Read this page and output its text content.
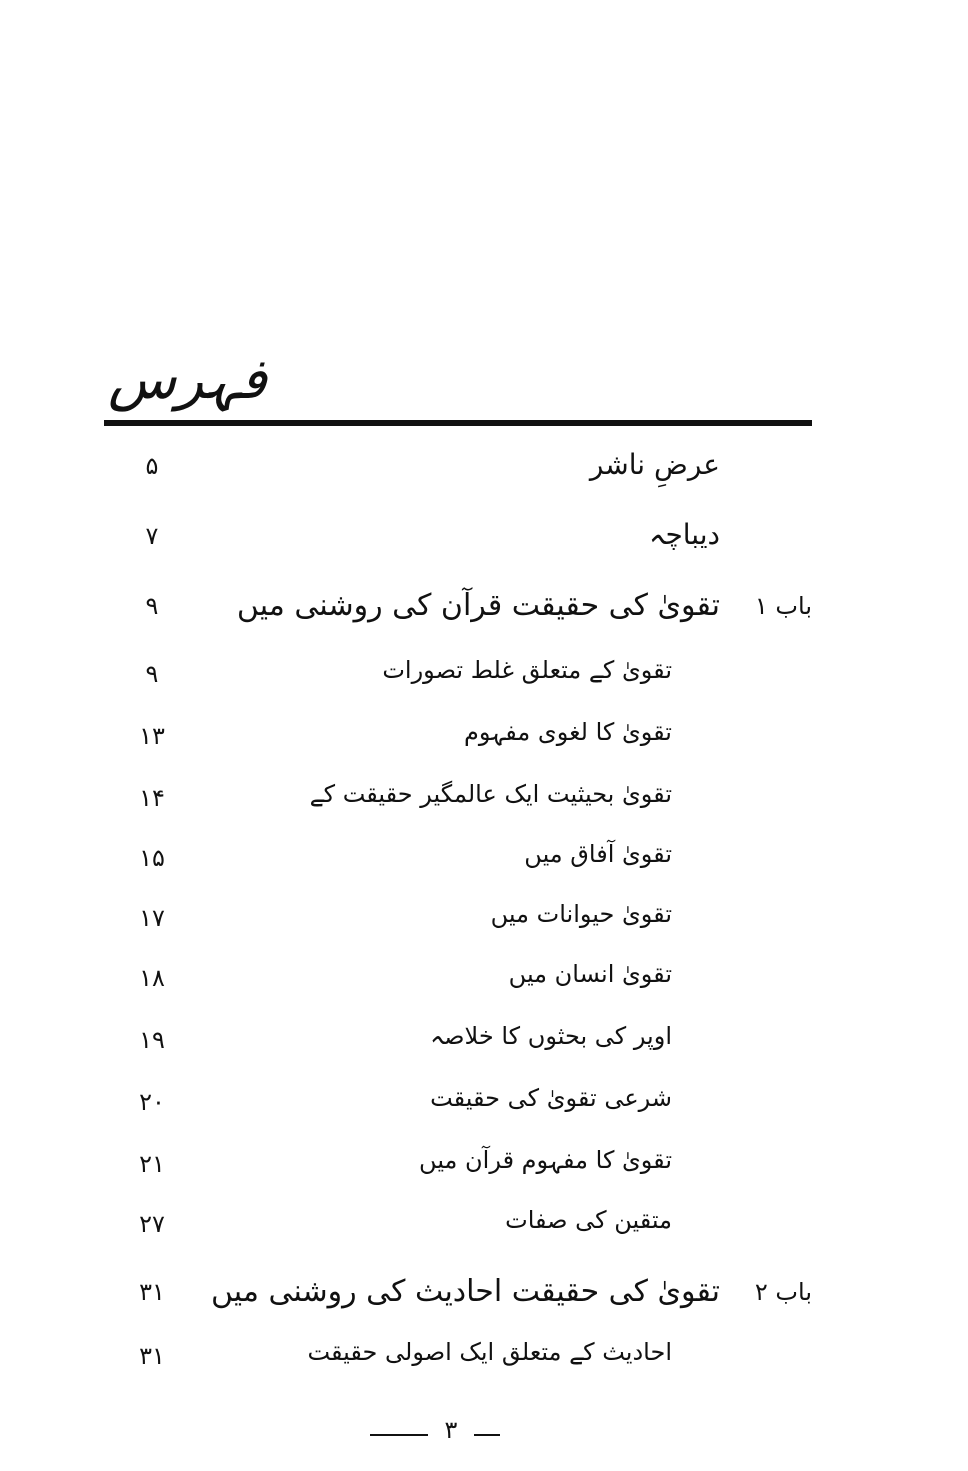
فہرس
عرضِ ناشر
۵
دیباچہ
۷
باب ۱
تقویٰ کی حقیقت قرآن کی روشنی میں
۹
تقویٰ کے متعلق غلط تصورات
۹
تقویٰ کا لغوی مفہوم
۱۳
تقویٰ بحیثیت ایک عالمگیر حقیقت کے
۱۴
تقویٰ آفاق میں
۱۵
تقویٰ حیوانات میں
۱۷
تقویٰ انسان میں
۱۸
اوپر کی بحثوں کا خلاصہ
۱۹
شرعی تقویٰ کی حقیقت
۲۰
تقویٰ کا مفہوم قرآن میں
۲۱
متقین کی صفات
۲۷
باب ۲
تقویٰ کی حقیقت احادیث کی روشنی میں
۳۱
احادیث کے متعلق ایک اصولی حقیقت
۳۱
۳
